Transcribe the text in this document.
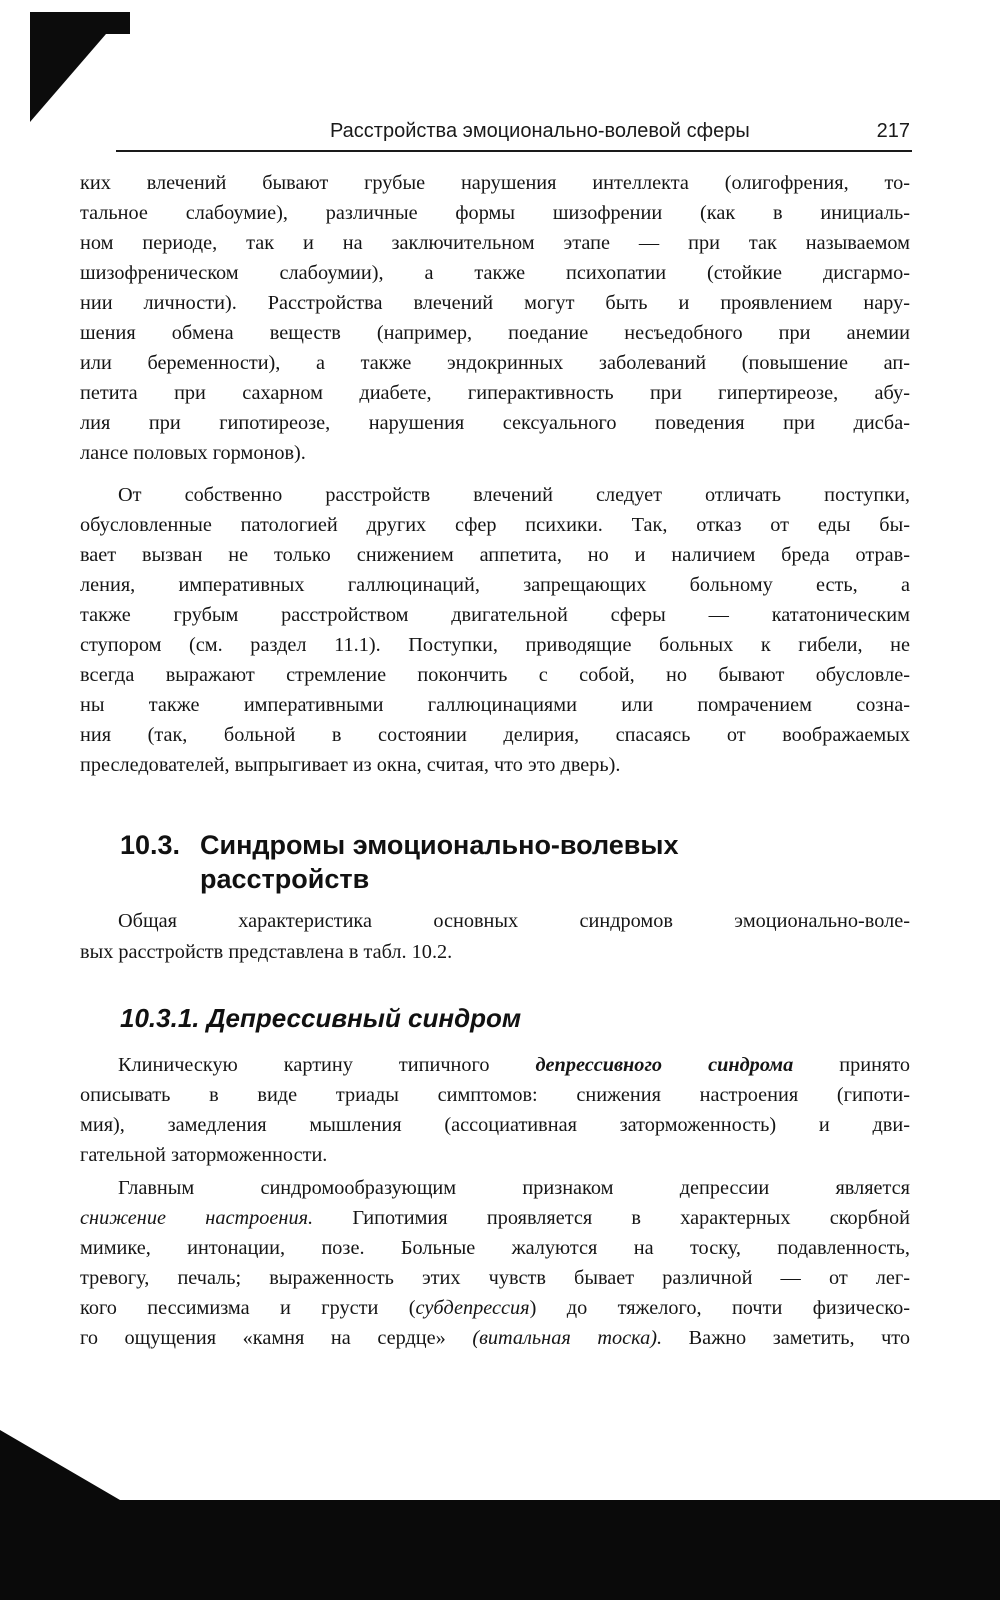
Расстройства эмоционально-волевой сферы	217
ких влечений бывают грубые нарушения интеллекта (олигофрения, то-
тальное слабоумие), различные формы шизофрении (как в инициаль-
ном периоде, так и на заключительном этапе — при так называемом
шизофреническом слабоумии), а также психопатии (стойкие дисгармо-
нии личности). Расстройства влечений могут быть и проявлением нару-
шения обмена веществ (например, поедание несъедобного при анемии
или беременности), а также эндокринных заболеваний (повышение ап-
петита при сахарном диабете, гиперактивность при гипертиреозе, абу-
лия при гипотиреозе, нарушения сексуального поведения при дисба-
лансе половых гормонов).
От собственно расстройств влечений следует отличать поступки,
обусловленные патологией других сфер психики. Так, отказ от еды бы-
вает вызван не только снижением аппетита, но и наличием бреда отрав-
ления, императивных галлюцинаций, запрещающих больному есть, а
также грубым расстройством двигательной сферы — кататоническим
ступором (см. раздел 11.1). Поступки, приводящие больных к гибели, не
всегда выражают стремление покончить с собой, но бывают обусловле-
ны также императивными галлюцинациями или помрачением созна-
ния (так, больной в состоянии делирия, спасаясь от воображаемых
преследователей, выпрыгивает из окна, считая, что это дверь).
10.3. Синдромы эмоционально-волевых
расстройств
Общая характеристика основных синдромов эмоционально-воле-
вых расстройств представлена в табл. 10.2.
10.3.1. Депрессивный синдром
Клиническую картину типичного депрессивного синдрома принято
описывать в виде триады симптомов: снижения настроения (гипоти-
мия), замедления мышления (ассоциативная заторможенность) и дви-
гательной заторможенности.
Главным синдромообразующим признаком депрессии является
снижение настроения. Гипотимия проявляется в характерных скорбной
мимике, интонации, позе. Больные жалуются на тоску, подавленность,
тревогу, печаль; выраженность этих чувств бывает различной — от лег-
кого пессимизма и грусти (субдепрессия) до тяжелого, почти физическо-
го ощущения «камня на сердце» (витальная тоска). Важно заметить, что
